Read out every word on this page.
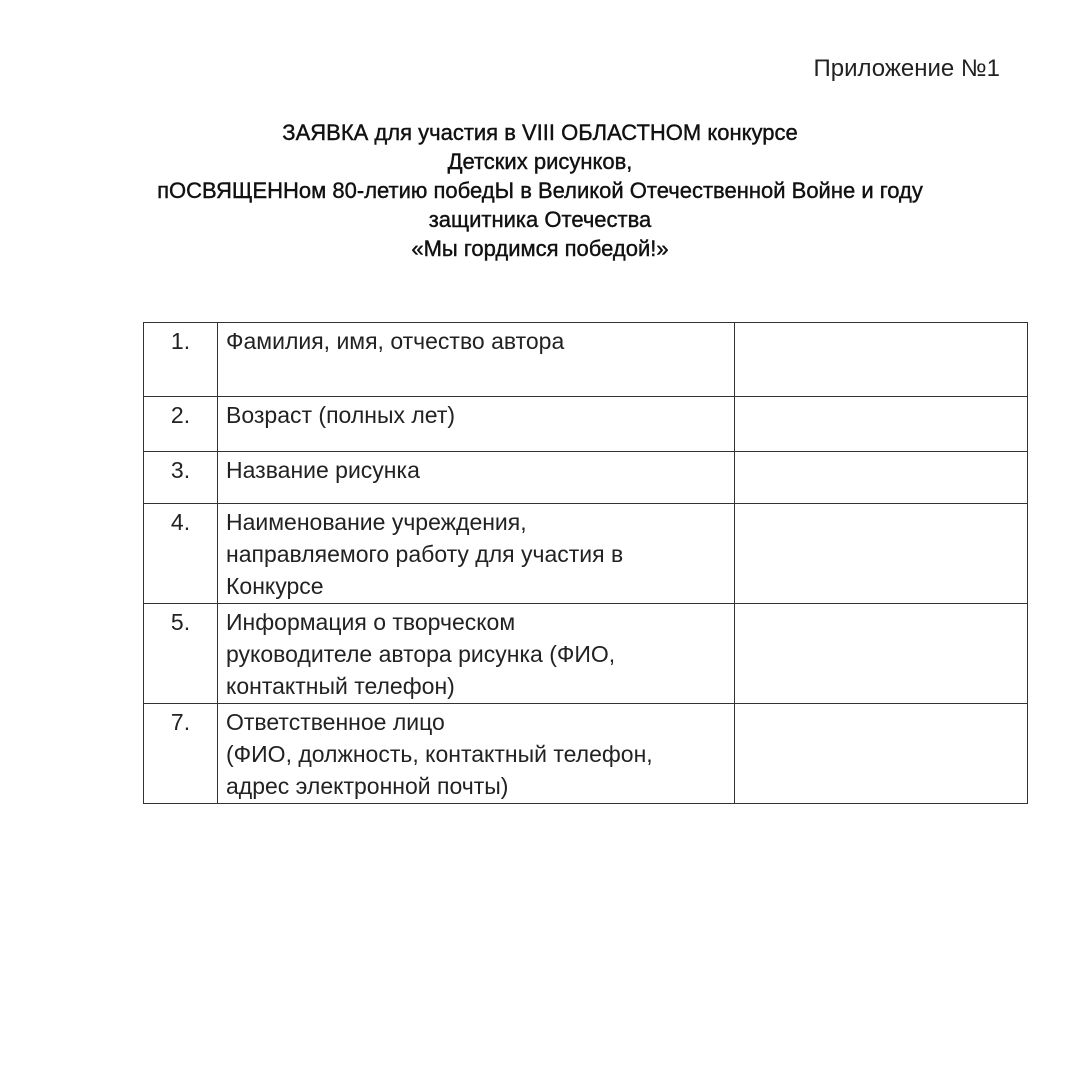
Приложение №1
ЗАЯВКА для участия в VIII ОБЛАСТНОМ конкурсе
Детских рисунков,
пОСВЯЩЕННом 80-летию победЫ в Великой Отечественной Войне и году
защитника Отечества
«Мы гордимся победой!»
1.	Фамилия, имя, отчество автора	

2.	Возраст (полных лет)	

3.	Название рисунка	

4.	Наименование учреждения,
направляемого работу для участия в
Конкурсе	

5.	Информация о творческом
руководителе автора рисунка (ФИО,
контактный телефон)	

7.	Ответственное лицо
(ФИО, должность, контактный телефон,
адрес электронной почты)	
